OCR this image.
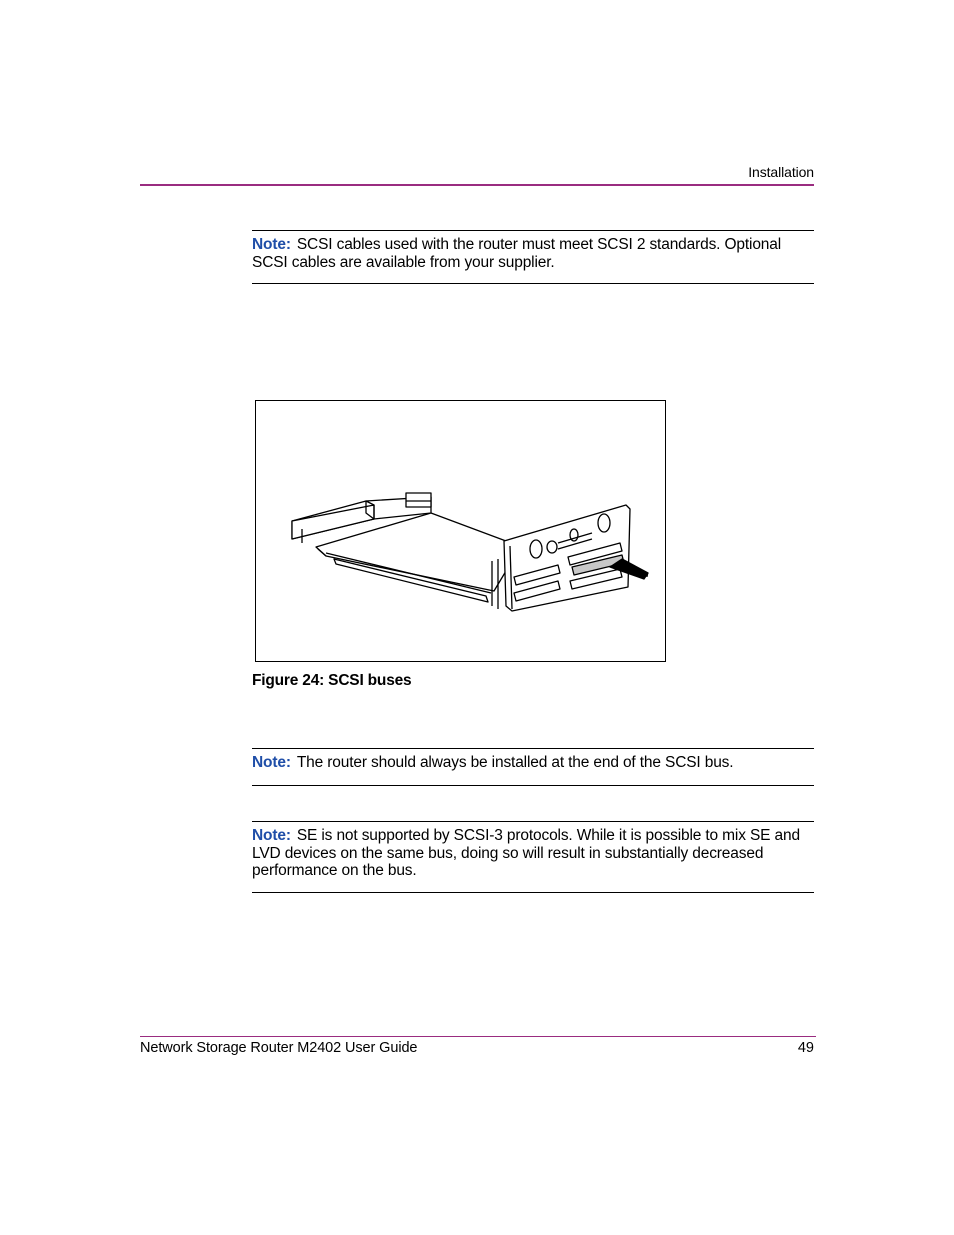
Installation

Note: SCSI cables used with the router must meet SCSI 2 standards. Optional SCSI cables are available from your supplier.

Figure 24: SCSI buses

Note: The router should always be installed at the end of the SCSI bus.

Note: SE is not supported by SCSI-3 protocols. While it is possible to mix SE and LVD devices on the same bus, doing so will result in substantially decreased performance on the bus.

Network Storage Router M2402 User Guide	49
